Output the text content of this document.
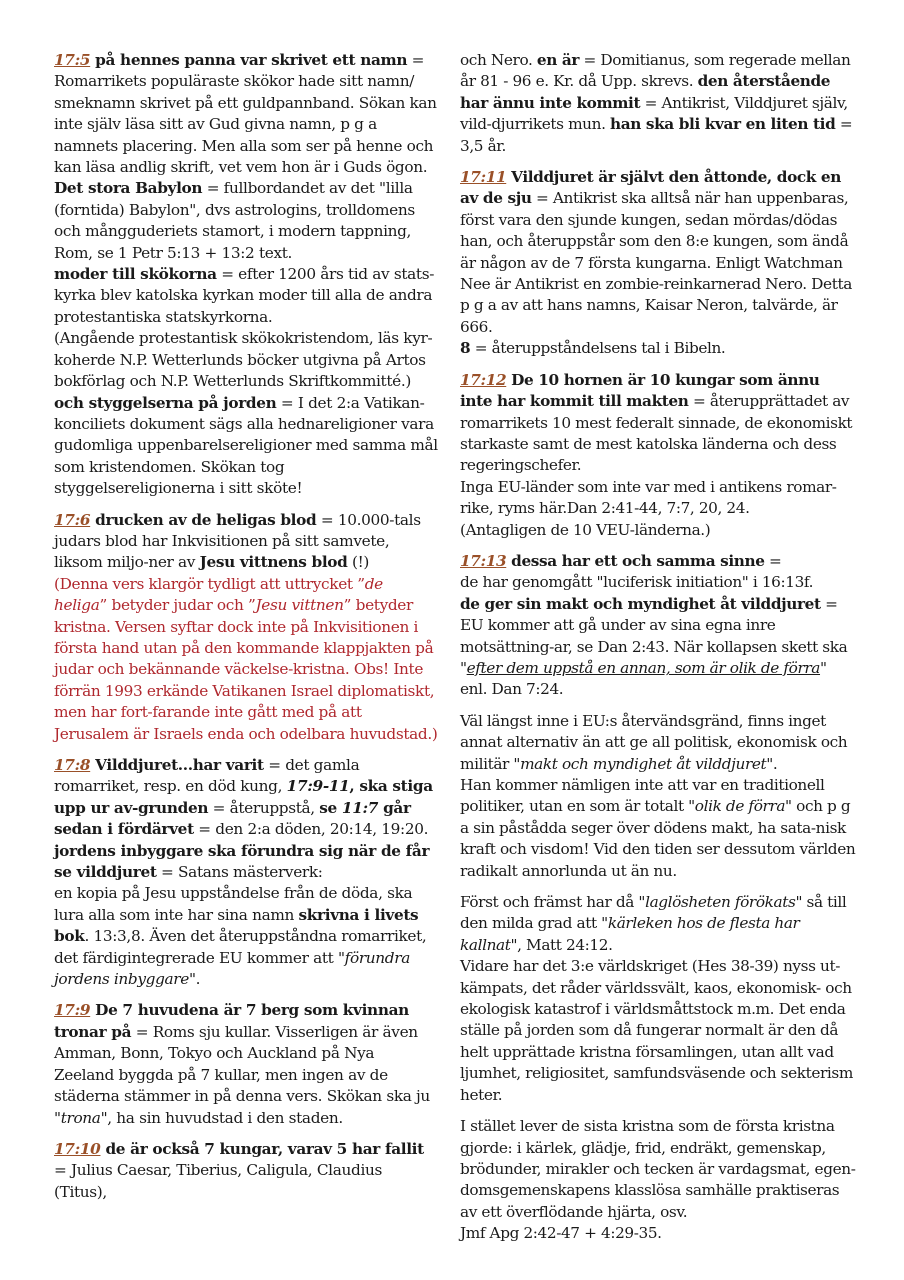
17:5 på hennes panna var skrivet ett namn = Romarrikets populäraste skökor hade sitt namn/ smeknamn skrivet på ett guldpannband. Sökan kan inte själv läsa sitt av Gud givna namn, p g a namnets placering. Men alla som ser på henne och kan läsa andlig skrift, vet vem hon är i Guds ögon.
Det stora Babylon = fullbordandet av det "lilla (forntida) Babylon", dvs astrologins, trolldomens och mångguderiets stamort, i modern tappning,
Rom, se 1 Petr 5:13 + 13:2 text.
moder till skökorna = efter 1200 års tid av stats-kyrka blev katolska kyrkan moder till alla de andra protestantiska statskyrkorna.
(Angående protestantisk skökokristendom, läs kyr-koherde N.P. Wetterlunds böcker utgivna på Artos bokförlag och N.P. Wetterlunds Skriftkommitté.)
och styggelserna på jorden = I det 2:a Vatikan-konciliets dokument sägs alla hednareligioner vara gudomliga uppenbarelsereligioner med samma mål som kristendomen. Skökan tog styggelsereligionerna i sitt sköte!

17:6 drucken av de heligas blod = 10.000-tals judars blod har Inkvisitionen på sitt samvete, liksom miljo-ner av Jesu vittnens blod (!)
(Denna vers klargör tydligt att uttrycket ”de heliga” betyder judar och ”Jesu vittnen” betyder kristna. Versen syftar dock inte på Inkvisitionen i första hand utan på den kommande klappjakten på judar och bekännande väckelse-kristna. Obs! Inte förrän 1993 erkände Vatikanen Israel diplomatiskt, men har fort-farande inte gått med på att Jerusalem är Israels enda och odelbara huvudstad.)

17:8 Vilddjuret...har varit = det gamla romarriket, resp. en död kung, 17:9-11, ska stiga upp ur av-grunden = återuppstå, se 11:7 går sedan i fördärvet = den 2:a döden, 20:14, 19:20. jordens inbyggare ska förundra sig när de får se vilddjuret = Satans mästerverk:
en kopia på Jesu uppståndelse från de döda, ska lura alla som inte har sina namn skrivna i livets bok. 13:3,8. Även det återuppståndna romarriket, det färdigintegrerade EU kommer att "förundra jordens inbyggare".

17:9 De 7 huvudena är 7 berg som kvinnan tronar på = Roms sju kullar. Visserligen är även Amman, Bonn, Tokyo och Auckland på Nya Zeeland byggda på 7 kullar, men ingen av de städerna stämmer in på denna vers. Skökan ska ju "trona", ha sin huvudstad i den staden.

17:10 de är också 7 kungar, varav 5 har fallit = Julius Caesar, Tiberius, Caligula, Claudius (Titus),

och Nero. en är = Domitianus, som regerade mellan år 81 - 96 e. Kr. då Upp. skrevs. den återstående har ännu inte kommit = Antikrist, Vilddjuret själv, vild-djurrikets mun. han ska bli kvar en liten tid = 3,5 år.

17:11 Vilddjuret är självt den åttonde, dock en av de sju = Antikrist ska alltså när han uppenbaras, först vara den sjunde kungen, sedan mördas/dödas han, och återuppstår som den 8:e kungen, som ändå är någon av de 7 första kungarna. Enligt Watchman Nee är Antikrist en zombie-reinkarnerad Nero. Detta p g a av att hans namns, Kaisar Neron, talvärde, är 666.
8 = återuppståndelsens tal i Bibeln.

17:12 De 10 hornen är 10 kungar som ännu inte har kommit till makten = återupprättadet av romarrikets 10 mest federalt sinnade, de ekonomiskt starkaste samt de mest katolska länderna och dess regeringschefer.
Inga EU-länder som inte var med i antikens romar-rike, ryms här.Dan 2:41-44, 7:7, 20, 24.
(Antagligen de 10 VEU-länderna.)

17:13 dessa har ett och samma sinne =
de har genomgått "luciferisk initiation" i 16:13f.
de ger sin makt och myndighet åt vilddjuret = EU kommer att gå under av sina egna inre motsättning-ar, se Dan 2:43. När kollapsen skett ska "efter dem uppstå en annan, som är olik de förra" enl. Dan 7:24.

Väl längst inne i EU:s återvändsgränd, finns inget annat alternativ än att ge all politisk, ekonomisk och militär "makt och myndighet åt vilddjuret".
Han kommer nämligen inte att var en traditionell politiker, utan en som är totalt "olik de förra" och p g a sin påstådda seger över dödens makt, ha sata-nisk kraft och visdom! Vid den tiden ser dessutom världen radikalt annorlunda ut än nu.

Först och främst har då "laglösheten förökats" så till den milda grad att "kärleken hos de flesta har kallnat", Matt 24:12.
Vidare har det 3:e världskriget (Hes 38-39) nyss ut-kämpats, det råder världssvält, kaos, ekonomisk- och ekologisk katastrof i världsmåttstock m.m. Det enda ställe på jorden som då fungerar normalt är den då helt upprättade kristna församlingen, utan allt vad ljumhet, religiositet, samfundsväsende och sekterism heter.

I stället lever de sista kristna som de första kristna gjorde: i kärlek, glädje, frid, endräkt, gemenskap, brödunder, mirakler och tecken är vardagsmat, egen-domsgemenskapens klasslösa samhälle praktiseras av ett överflödande hjärta, osv.
Jmf Apg 2:42-47 + 4:29-35.
